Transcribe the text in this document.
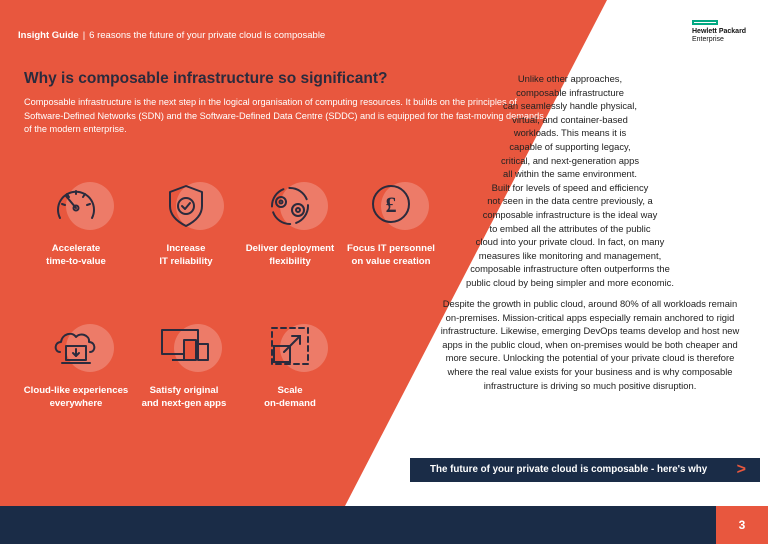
Insight Guide | 6 reasons the future of your private cloud is composable	Hewlett Packard
Enterprise
Why is composable infrastructure so significant?
Composable infrastructure is the next step in the logical organisation of computing resources. It builds on the principles of Software-Defined Networks (SDN) and the Software-Defined Data Centre (SDDC) and is equipped for the fast-moving demands of the modern enterprise.
Accelerate
time-to-value
Increase
IT reliability
Deliver deployment
flexibility
£
Focus IT personnel
on value creation
Cloud-like experiences
everywhere
Satisfy original
and next-gen apps
Scale
on-demand

Unlike other approaches,

composable infrastructure

can seamlessly handle physical,

virtual, and container-based

workloads. This means it is

capable of supporting legacy,

critical, and next-generation apps

all within the same environment.

Built for levels of speed and efficiency

not seen in the data centre previously, a

composable infrastructure is the ideal way

to embed all the attributes of the public

cloud into your private cloud. In fact, on many

measures like monitoring and management,

composable infrastructure often outperforms the

public cloud by being simpler and more economic.

Despite the growth in public cloud, around 80% of all workloads remain on-premises. Mission-critical apps especially remain anchored to rigid infrastructure. Likewise, emerging DevOps teams develop and host new apps in the public cloud, when on-premises would be both cheaper and more secure. Unlocking the potential of your private cloud is therefore where the real value exists for your business and is why composable infrastructure is driving so much positive disruption.
The future of your private cloud is composable - here's why >
3
